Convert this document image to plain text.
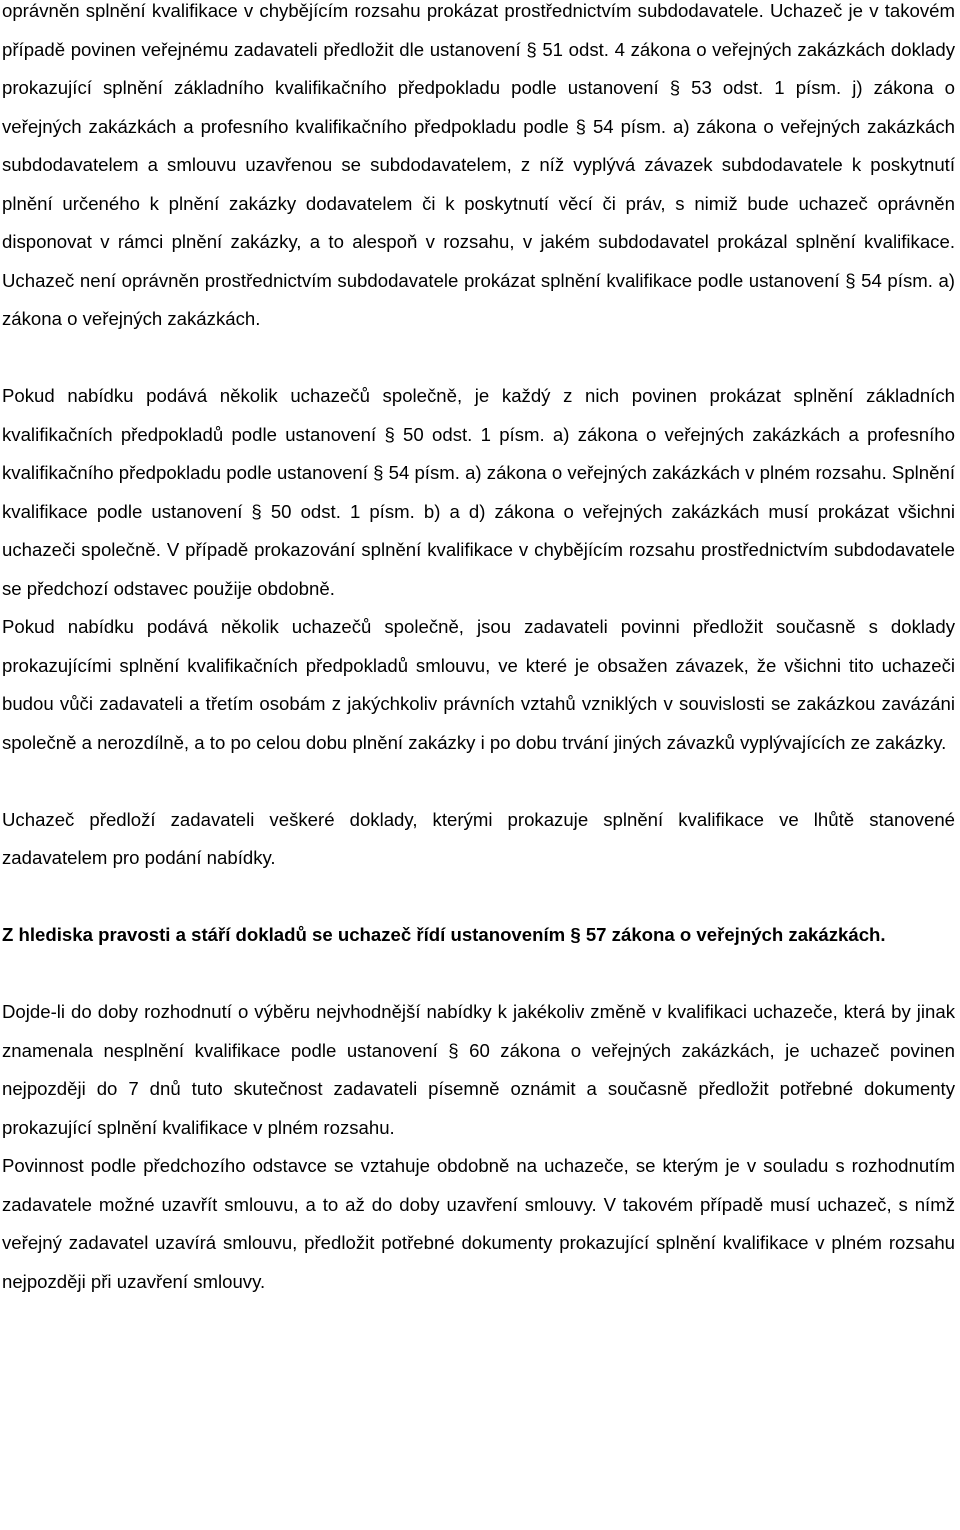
oprávněn splnění kvalifikace v chybějícím rozsahu prokázat prostřednictvím subdodavatele. Uchazeč je v takovém případě povinen veřejnému zadavateli předložit dle ustanovení § 51 odst. 4 zákona o veřejných zakázkách doklady prokazující splnění základního kvalifikačního předpokladu podle ustanovení § 53 odst. 1 písm. j) zákona o veřejných zakázkách a profesního kvalifikačního předpokladu podle § 54 písm. a) zákona o veřejných zakázkách subdodavatelem a smlouvu uzavřenou se subdodavatelem, z níž vyplývá závazek subdodavatele k poskytnutí plnění určeného k plnění zakázky dodavatelem či k poskytnutí věcí či práv, s nimiž bude uchazeč oprávněn disponovat v rámci plnění zakázky, a to alespoň v rozsahu, v jakém subdodavatel prokázal splnění kvalifikace. Uchazeč není oprávněn prostřednictvím subdodavatele prokázat splnění kvalifikace podle ustanovení § 54 písm. a) zákona o veřejných zakázkách.

Pokud nabídku podává několik uchazečů společně, je každý z nich povinen prokázat splnění základních kvalifikačních předpokladů podle ustanovení § 50 odst. 1 písm. a) zákona o veřejných zakázkách a profesního kvalifikačního předpokladu podle ustanovení § 54 písm. a) zákona o veřejných zakázkách v plném rozsahu. Splnění kvalifikace podle ustanovení § 50 odst. 1 písm. b) a d) zákona o veřejných zakázkách musí prokázat všichni uchazeči společně. V případě prokazování splnění kvalifikace v chybějícím rozsahu prostřednictvím subdodavatele se předchozí odstavec použije obdobně.

Pokud nabídku podává několik uchazečů společně, jsou zadavateli povinni předložit současně s doklady prokazujícími splnění kvalifikačních předpokladů smlouvu, ve které je obsažen závazek, že všichni tito uchazeči budou vůči zadavateli a třetím osobám z jakýchkoliv právních vztahů vzniklých v souvislosti se zakázkou zavázáni společně a nerozdílně, a to po celou dobu plnění zakázky i po dobu trvání jiných závazků vyplývajících ze zakázky.

Uchazeč předloží zadavateli veškeré doklady, kterými prokazuje splnění kvalifikace ve lhůtě stanovené zadavatelem pro podání nabídky.

Z hlediska pravosti a stáří dokladů se uchazeč řídí ustanovením § 57 zákona o veřejných zakázkách.

Dojde-li do doby rozhodnutí o výběru nejvhodnější nabídky k jakékoliv změně v kvalifikaci uchazeče, která by jinak znamenala nesplnění kvalifikace podle ustanovení § 60 zákona o veřejných zakázkách, je uchazeč povinen nejpozději do 7 dnů tuto skutečnost zadavateli písemně oznámit a současně předložit potřebné dokumenty prokazující splnění kvalifikace v plném rozsahu.

Povinnost podle předchozího odstavce se vztahuje obdobně na uchazeče, se kterým je v souladu s rozhodnutím zadavatele možné uzavřít smlouvu, a to až do doby uzavření smlouvy. V takovém případě musí uchazeč, s nímž veřejný zadavatel uzavírá smlouvu, předložit potřebné dokumenty prokazující splnění kvalifikace v plném rozsahu nejpozději při uzavření smlouvy.
